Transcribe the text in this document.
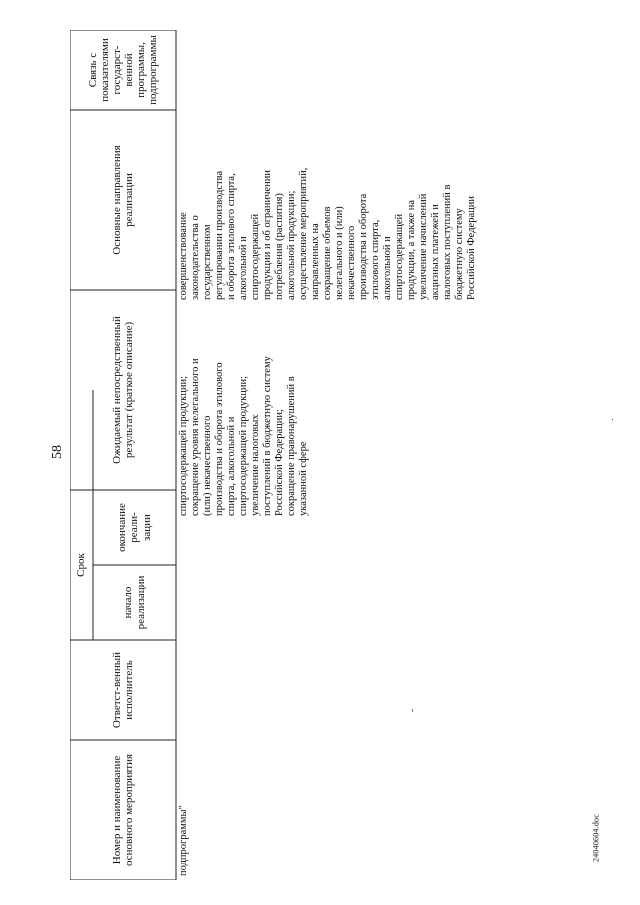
58
Номер и наименование основного мероприятия
Ответст-венный исполнитель
Срок
начало реализации
окончание реали-зации
Ожидаемый непосредственный результат (краткое описание)
Основные направления реализации
Связь с показателями государст-венной программы, подпрограммы
подпрограммы"
спиртосодержащей продукции; сокращение уровня нелегального и (или) некачественного производства и оборота этилового спирта, алкогольной и спиртосодержащей продукции; увеличение налоговых поступлений в бюджетную систему Российской Федерации; сокращение правонарушений в указанной сфере
совершенствование законодательства о государственном регулировании производства и оборота этилового спирта, алкогольной и спиртосодержащей продукции и об ограничении потребления (распития) алкогольной продукции; осуществление мероприятий, направленных на сокращение объемов нелегального и (или) некачественного производства и оборота этилового спирта, алкогольной и спиртосодержащей продукции, а также на увеличение начислений акцизных платежей и налоговых поступлений в бюджетную систему Российской Федерации
24040604.doc
